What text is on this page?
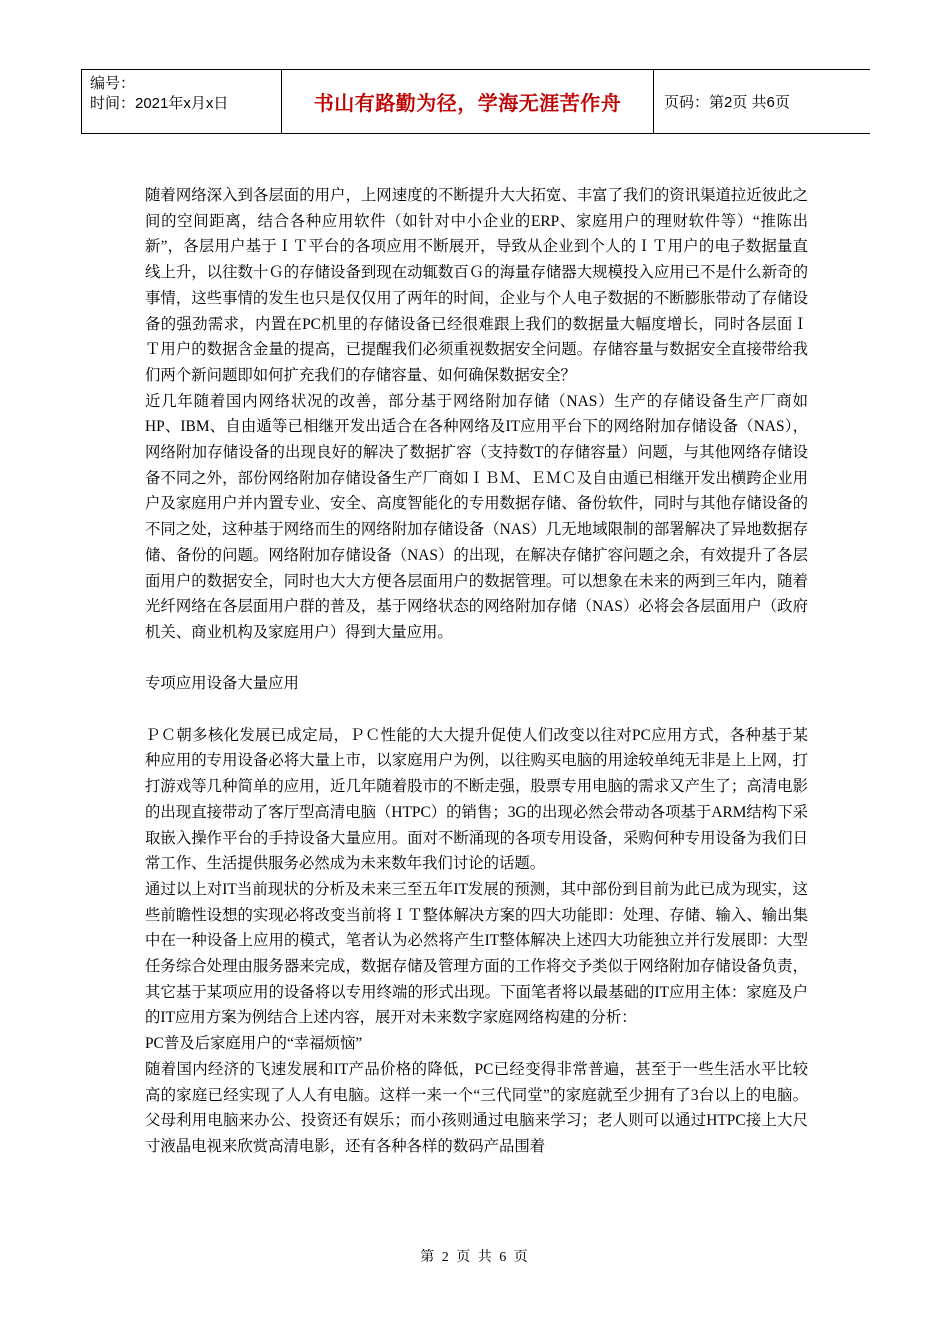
编号：
时间：2021年x月x日	书山有路勤为径，学海无涯苦作舟	页码：第2页 共6页

随着网络深入到各层面的用户，上网速度的不断提升大大拓宽、丰富了我们的资讯渠道拉近彼此之间的空间距离，结合各种应用软件（如针对中小企业的ERP、家庭用户的理财软件等）“推陈出新”，各层用户基于ＩＴ平台的各项应用不断展开，导致从企业到个人的ＩＴ用户的电子数据量直线上升，以往数十Ｇ的存储设备到现在动辄数百Ｇ的海量存储器大规模投入应用已不是什么新奇的事情，这些事情的发生也只是仅仅用了两年的时间，企业与个人电子数据的不断膨胀带动了存储设备的强劲需求，内置在PC机里的存储设备已经很难跟上我们的数据量大幅度增长，同时各层面ＩＴ用户的数据含金量的提高，已提醒我们必须重视数据安全问题。存储容量与数据安全直接带给我们两个新问题即如何扩充我们的存储容量、如何确保数据安全？

近几年随着国内网络状况的改善，部分基于网络附加存储（NAS）生产的存储设备生产厂商如HP、IBM、自由遁等已相继开发出适合在各种网络及IT应用平台下的网络附加存储设备（NAS），网络附加存储设备的出现良好的解决了数据扩容（支持数T的存储容量）问题，与其他网络存储设备不同之外，部份网络附加存储设备生产厂商如ＩＢＭ、ＥＭＣ及自由遁已相继开发出横跨企业用户及家庭用户并内置专业、安全、高度智能化的专用数据存储、备份软件，同时与其他存储设备的不同之处，这种基于网络而生的网络附加存储设备（NAS）几无地域限制的部署解决了异地数据存储、备份的问题。网络附加存储设备（NAS）的出现，在解决存储扩容问题之余，有效提升了各层面用户的数据安全，同时也大大方便各层面用户的数据管理。可以想象在未来的两到三年内，随着光纤网络在各层面用户群的普及，基于网络状态的网络附加存储（NAS）必将会各层面用户（政府机关、商业机构及家庭用户）得到大量应用。

专项应用设备大量应用

ＰＣ朝多核化发展已成定局，ＰＣ性能的大大提升促使人们改变以往对PC应用方式，各种基于某种应用的专用设备必将大量上市，以家庭用户为例，以往购买电脑的用途较单纯无非是上上网，打打游戏等几种简单的应用，近几年随着股市的不断走强，股票专用电脑的需求又产生了；高清电影的出现直接带动了客厅型高清电脑（HTPC）的销售；3G的出现必然会带动各项基于ARM结构下采取嵌入操作平台的手持设备大量应用。面对不断涌现的各项专用设备，采购何种专用设备为我们日常工作、生活提供服务必然成为未来数年我们讨论的话题。

通过以上对IT当前现状的分析及未来三至五年IT发展的预测，其中部份到目前为此已成为现实，这些前瞻性设想的实现必将改变当前将ＩＴ整体解决方案的四大功能即：处理、存储、输入、输出集中在一种设备上应用的模式，笔者认为必然将产生IT整体解决上述四大功能独立并行发展即：大型任务综合处理由服务器来完成，数据存储及管理方面的工作将交予类似于网络附加存储设备负责，其它基于某项应用的设备将以专用终端的形式出现。下面笔者将以最基础的IT应用主体：家庭及户的IT应用方案为例结合上述内容，展开对未来数字家庭网络构建的分析：

PC普及后家庭用户的“幸福烦恼”

随着国内经济的飞速发展和IT产品价格的降低，PC已经变得非常普遍，甚至于一些生活水平比较高的家庭已经实现了人人有电脑。这样一来一个“三代同堂”的家庭就至少拥有了3台以上的电脑。父母利用电脑来办公、投资还有娱乐；而小孩则通过电脑来学习；老人则可以通过HTPC接上大尺寸液晶电视来欣赏高清电影，还有各种各样的数码产品围着

第 2 页 共 6 页
